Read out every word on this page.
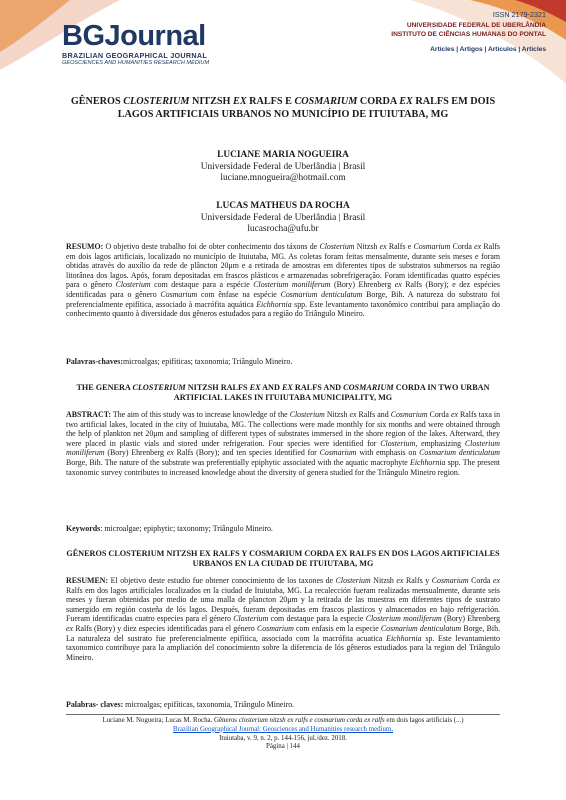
BGJournal
BRAZILIAN GEOGRAPHICAL JOURNAL
GEOSCIENCES AND HUMANITIES RESEARCH MEDIUM
ISSN 2179-2321
UNIVERSIDADE FEDERAL DE UBERLÂNDIA
INSTITUTO DE CIÊNCIAS HUMANAS DO PONTAL
Articles | Artigos | Artículos | Articles
GÊNEROS CLOSTERIUM NITZSH EX RALFS E COSMARIUM CORDA EX RALFS EM DOIS LAGOS ARTIFICIAIS URBANOS NO MUNICÍPIO DE ITUIUTABA, MG
LUCIANE MARIA NOGUEIRA
Universidade Federal de Uberlândia | Brasil
luciane.mnogueira@hotmail.com
LUCAS MATHEUS DA ROCHA
Universidade Federal de Uberlândia | Brasil
lucasrocha@ufu.br
RESUMO: O objetivo deste trabalho foi de obter conhecimento dos táxons de Closterium Nitzsh ex Ralfs e Cosmarium Corda ex Ralfs em dois lagos artificiais, localizado no município de Ituiutaba, MG. As coletas foram feitas mensalmente, durante seis meses e foram obtidas através do auxílio da rede de plâncton 20μm e a retirada de amostras em diferentes tipos de substratos submersos na região litorânea dos lagos. Após, foram depositadas em frascos plásticos e armazenadas sobrefrigeração. Foram identificadas quatro espécies para o gênero Closterium com destaque para a espécie Closterium moniliferum (Bory) Ehrenberg ex Ralfs (Bory); e dez espécies identificadas para o gênero Cosmarium com ênfase na espécie Cosmarium denticulatum Borge, Bih. A natureza do substrato foi preferencialmente epifítica, associado à macrófita aquática Eichhornia spp. Este levantamento taxonômico contribui para ampliação do conhecimento quanto à diversidade dos gêneros estudados para a região do Triângulo Mineiro.
Palavras-chaves:microalgas; epifíticas; taxonomia; Triângulo Mineiro.
THE GENERA CLOSTERIUM NITZSH RALFS EX AND EX RALFS AND COSMARIUM CORDA IN TWO URBAN ARTIFICIAL LAKES IN ITUIUTABA MUNICIPALITY, MG
ABSTRACT: The aim of this study was to increase knowledge of the Closterium Nitzsh ex Ralfs and Cosmarium Corda ex Ralfs taxa in two artificial lakes, located in the city of Ituiutaba, MG. The collections were made monthly for six months and were obtained through the help of plankton net 20μm and sampling of different types of substrates immersed in the shore region of the lakes. Afterward, they were placed in plastic vials and stored under refrigeration. Four species were identified for Closterium, emphasizing Closterium moniliferum (Bory) Ehrenberg ex Ralfs (Bory); and ten species identified for Cosmarium with emphasis on Cosmarium denticulatum Borge, Bih. The nature of the substrate was preferentially epiphytic associated with the aquatic macrophyte Eichhornia spp. The present taxonomic survey contributes to increased knowledge about the diversity of genera studied for the Triângulo Mineiro region.
Keywords: microalgae; epiphytic; taxonomy; Triângulo Mineiro.
GÊNEROS CLOSTERIUM NITZSH EX RALFS Y COSMARIUM CORDA EX RALFS EN DOS LAGOS ARTIFICIALES URBANOS EN LA CIUDAD DE ITUIUTABA, MG
RESUMEN: El objetivo deste estudio fue obtener conocimiento de los taxones de Closterium Nitzsh ex Ralfs y Cosmarium Corda ex Ralfs em dos lagos artificiales localizados en la ciudad de Ituiutaba, MG. La recalección fueram realizadas mensualmente, durante seis meses y fueran obtenidas por medio de uma malla de plancton 20μm y la retirada de las muestras em diferentes tipos de sustrato sumergido em región costeña de lós lagos. Después, fueram depositadas em frascos plasticos y almacenados en bajo refrigeración. Fueram identificadas cuatro especies para el género Closterium com destaque para la especie Closterium moniliferum (Bory) Ehrenberg ex Ralfs (Bory) y diez especies identificadas para el género Cosmarium com enfasis em la especie Cosmarium denticulatum Borge, Bih. La naturaleza del sustrato fue preferencialmente epifítica, associado com la macrófita acuatica Eichhornia sp. Este levantamiento taxonomico contribuye para la ampliación del conocimiento sobre la diferencia de lós gêneros estudiados para la region del Triângulo Mineiro.
Palabras- claves: microalgas; epifíticas, taxonomia, Triângulo Mineiro.
Luciane M. Nogueira; Lucas M. Rocha. Gêneros closterium nitzsh ex ralfs e cosmarium corda ex ralfs em dois lagos artificiais (...)
Brazilian Geographical Journal: Geosciences and Humanities research medium,
Ituiutaba, v. 9, n. 2, p. 144-156, jul./dez. 2018.
Página | 144
